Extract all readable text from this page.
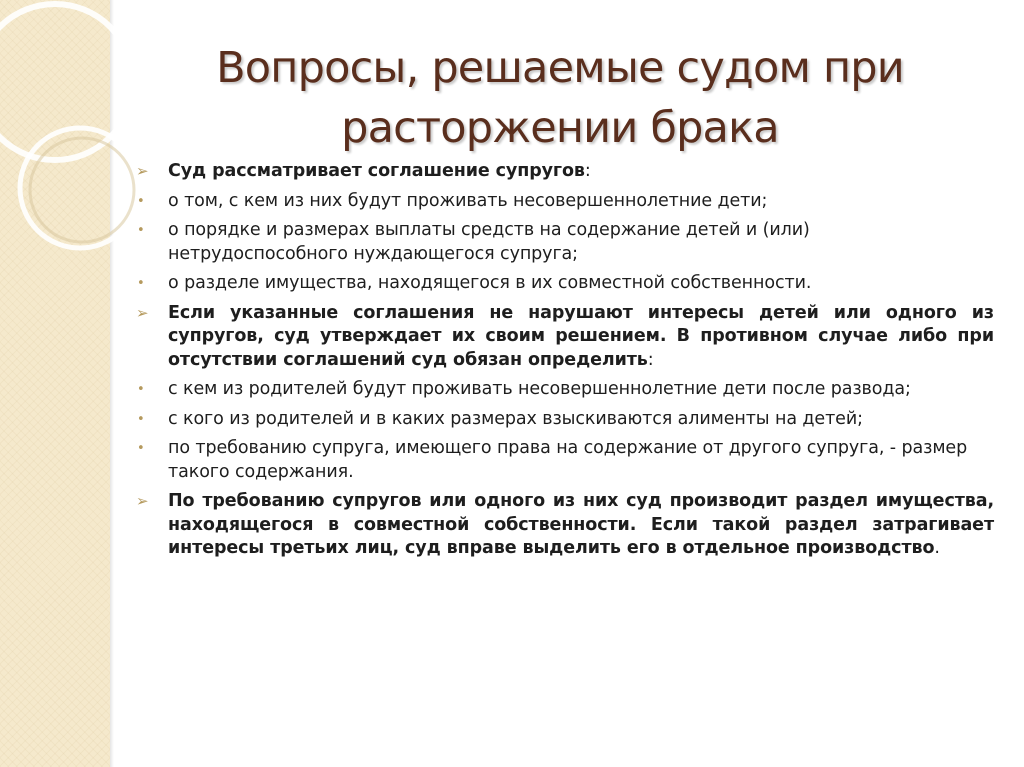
Вопросы, решаемые судом при расторжении брака
➢ Суд рассматривает соглашение супругов:
• о том, с кем из них будут проживать несовершеннолетние дети;
• о порядке и размерах выплаты средств на содержание детей и (или) нетрудоспособного нуждающегося супруга;
• о разделе имущества, находящегося в их совместной собственности.
➢ Если указанные соглашения не нарушают интересы детей или одного из супругов, суд утверждает их своим решением. В противном случае либо при отсутствии соглашений суд обязан определить:
• с кем из родителей будут проживать несовершеннолетние дети после развода;
• с кого из родителей и в каких размерах взыскиваются алименты на детей;
• по требованию супруга, имеющего права на содержание от другого супруга, - размер такого содержания.
➢ По требованию супругов или одного из них суд производит раздел имущества, находящегося в совместной собственности. Если такой раздел затрагивает интересы третьих лиц, суд вправе выделить его в отдельное производство.
